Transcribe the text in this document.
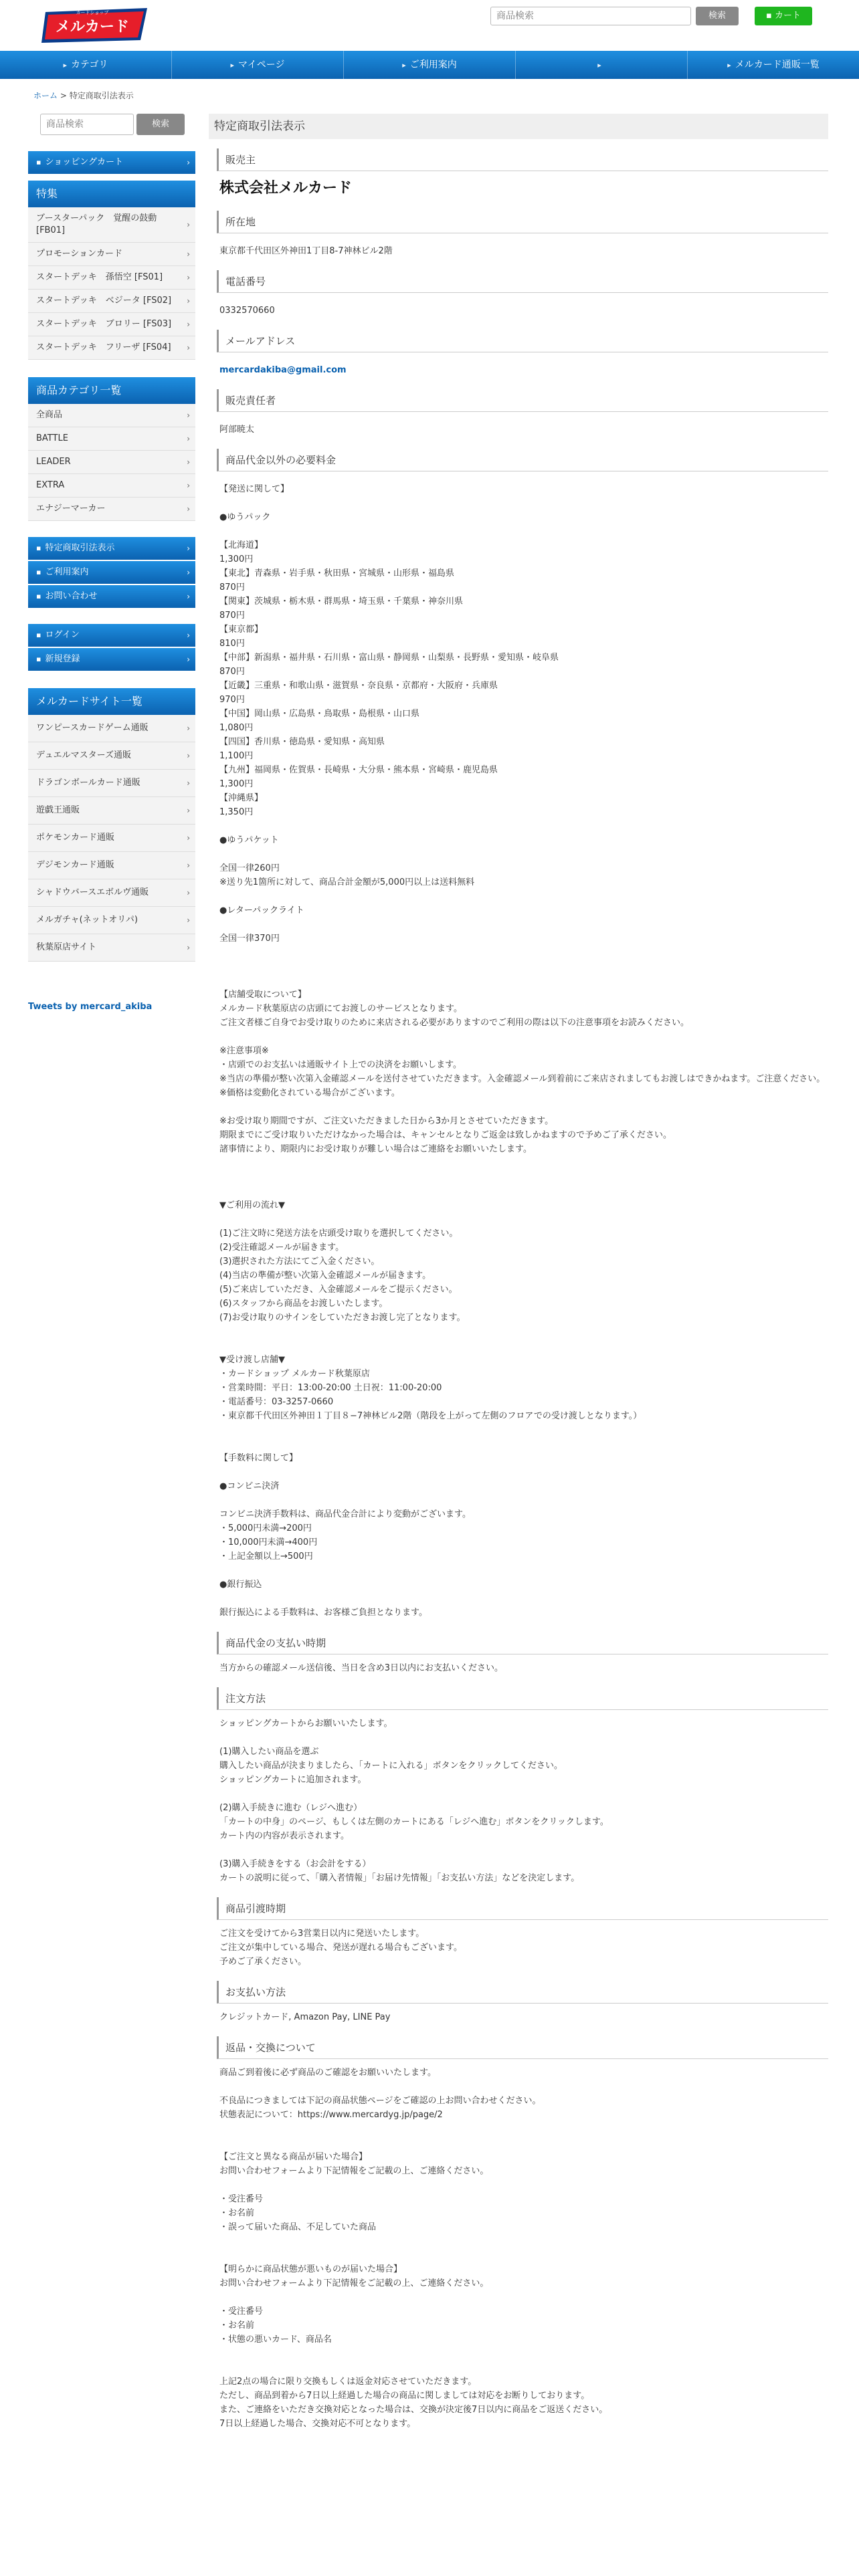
メルカード
カードショップ
商品検索	検索	▪ カート
▸ カテゴリ	▸ マイページ	▸ ご利用案内	▸	▸ メルカード通販一覧
ホーム > 特定商取引法表示
商品検索
検索
▪ ショッピングカート	›
特集
ブースターパック　覚醒の鼓動 [FB01]
›
プロモーションカード	›
スタートデッキ　孫悟空 [FS01]	›
スタートデッキ　ベジータ [FS02] ›
スタートデッキ　ブロリー [FS03] ›
スタートデッキ　フリーザ [FS04] ›
商品カテゴリ一覧
全商品	›
BATTLE	›
LEADER	›
EXTRA	›
エナジーマーカー	›
▪ 特定商取引法表示	›
▪ ご利用案内	›
▪ お問い合わせ	›
▪ ログイン	›
▪ 新規登録	›
メルカードサイト一覧
ワンピースカードゲーム通販	›
デュエルマスターズ通販	›
ドラゴンボールカード通販	›
遊戯王通販	›
ポケモンカード通販	›
デジモンカード通販	›
シャドウバースエボルヴ通販	›
メルガチャ(ネットオリパ)	›
秋葉原店サイト	›
Tweets by mercard_akiba
特定商取引法表示
販売主
株式会社メルカード
所在地
東京都千代田区外神田1丁目8-7神林ビル2階
電話番号
0332570660
メールアドレス
mercardakiba@gmail.com
販売責任者
阿部暁太
商品代金以外の必要料金
【発送に関して】

●ゆうパック

【北海道】
1,300円
【東北】青森県・岩手県・秋田県・宮城県・山形県・福島県
870円
【関東】茨城県・栃木県・群馬県・埼玉県・千葉県・神奈川県
870円
【東京都】
810円
【中部】新潟県・福井県・石川県・富山県・静岡県・山梨県・長野県・愛知県・岐阜県
870円
【近畿】三重県・和歌山県・滋賀県・奈良県・京都府・大阪府・兵庫県
970円
【中国】岡山県・広島県・鳥取県・島根県・山口県
1,080円
【四国】香川県・徳島県・愛知県・高知県
1,100円
【九州】福岡県・佐賀県・長崎県・大分県・熊本県・宮崎県・鹿児島県
1,300円
【沖縄県】
1,350円

●ゆうパケット

全国一律260円
※送り先1箇所に対して、商品合計金額が5,000円以上は送料無料

●レターパックライト

全国一律370円

【店舗受取について】
メルカード秋葉原店の店頭にてお渡しのサービスとなります。
ご注文者様ご自身でお受け取りのために来店される必要がありますのでご利用の際は以下の注意事項をお読みください。

※注意事項※
・店頭でのお支払いは通販サイト上での決済をお願いします。
※当店の準備が整い次第入金確認メールを送付させていただきます。入金確認メール到着前にご来店されましてもお渡しはできかねます。ご注意ください。
※価格は変動化されている場合がございます。

※お受け取り期間ですが、ご注文いただきました日から3か月とさせていただきます。
期限までにご受け取りいただけなかった場合は、キャンセルとなりご返金は致しかねますので予めご了承ください。
諸事情により、期限内にお受け取りが難しい場合はご連絡をお願いいたします。

▼ご利用の流れ▼

(1)ご注文時に発送方法を店頭受け取りを選択してください。
(2)受注確認メールが届きます。
(3)選択された方法にてご入金ください。
(4)当店の準備が整い次第入金確認メールが届きます。
(5)ご来店していただき、入金確認メールをご提示ください。
(6)スタッフから商品をお渡しいたします。
(7)お受け取りのサインをしていただきお渡し完了となります。

▼受け渡し店舗▼
・カードショップ メルカード秋葉原店
・営業時間：平日：13:00-20:00 土日祝：11:00-20:00
・電話番号：03-3257-0660
・東京都千代田区外神田１丁目８−7神林ビル2階（階段を上がって左側のフロアでの受け渡しとなります。）

【手数料に関して】

●コンビニ決済

コンビニ決済手数料は、商品代金合計により変動がございます。
・5,000円未満→200円
・10,000円未満→400円
・上記金額以上→500円

●銀行振込

銀行振込による手数料は、お客様ご負担となります。
商品代金の支払い時期
当方からの確認メール送信後、当日を含め3日以内にお支払いください。
注文方法
ショッピングカートからお願いいたします。

(1)購入したい商品を選ぶ
購入したい商品が決まりましたら、「カートに入れる」ボタンをクリックしてください。
ショッピングカートに追加されます。

(2)購入手続きに進む（レジへ進む）
「カートの中身」のページ、もしくは左側のカートにある「レジへ進む」ボタンをクリックします。
カート内の内容が表示されます。

(3)購入手続きをする（お会計をする）
カートの説明に従って、「購入者情報」「お届け先情報」「お支払い方法」などを決定します。
商品引渡時期
ご注文を受けてから3営業日以内に発送いたします。
ご注文が集中している場合、発送が遅れる場合もございます。
予めご了承ください。
お支払い方法
クレジットカード, Amazon Pay, LINE Pay
返品・交換について
商品ご到着後に必ず商品のご確認をお願いいたします。

不良品につきましては下記の商品状態ページをご確認の上お問い合わせください。
状態表記について：https://www.mercardyg.jp/page/2

【ご注文と異なる商品が届いた場合】
お問い合わせフォームより下記情報をご記載の上、ご連絡ください。

・受注番号
・お名前
・誤って届いた商品、不足していた商品

【明らかに商品状態が悪いものが届いた場合】
お問い合わせフォームより下記情報をご記載の上、ご連絡ください。

・受注番号
・お名前
・状態の悪いカード、商品名

上記2点の場合に限り交換もしくは返金対応させていただきます。
ただし、商品到着から7日以上経過した場合の商品に関しましては対応をお断りしております。
また、ご連絡をいただき交換対応となった場合は、交換が決定後7日以内に商品をご返送ください。
7日以上経過した場合、交換対応不可となります。
